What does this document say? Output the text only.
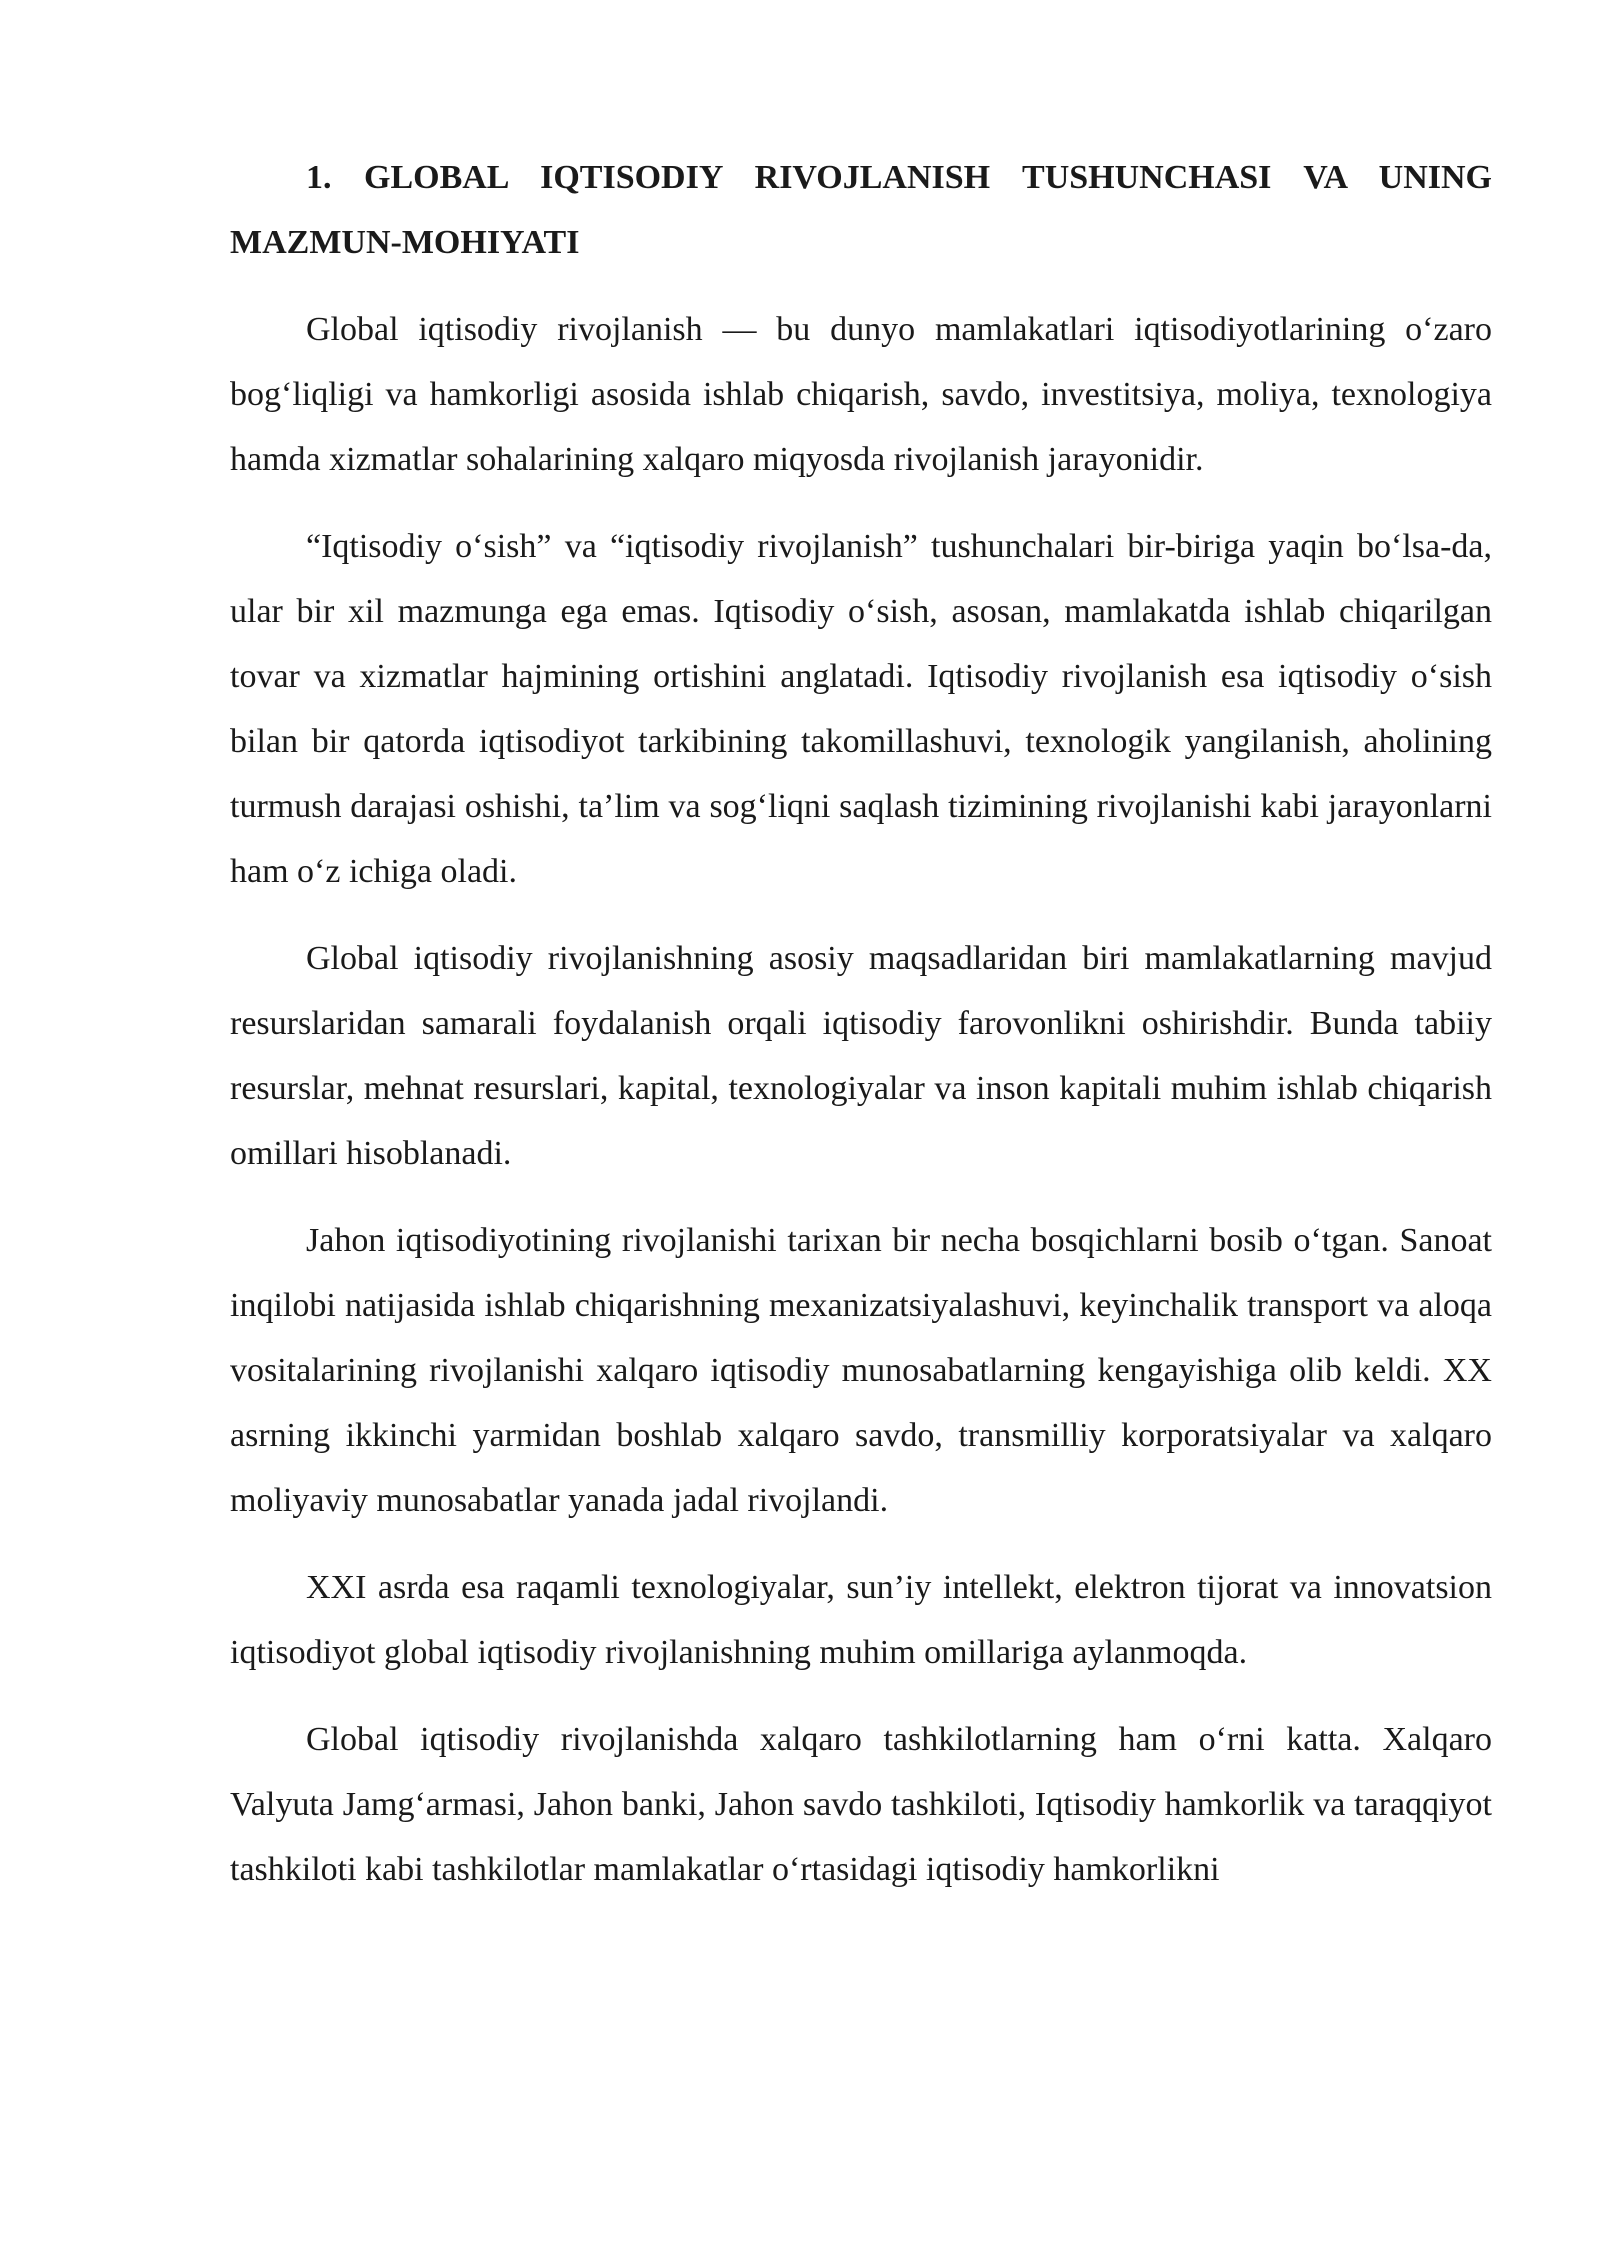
1. GLOBAL IQTISODIY RIVOJLANISH TUSHUNCHASI VA UNING MAZMUN-MOHIYATI

Global iqtisodiy rivojlanish — bu dunyo mamlakatlari iqtisodiyotlarining o‘zaro bog‘liqligi va hamkorligi asosida ishlab chiqarish, savdo, investitsiya, moliya, texnologiya hamda xizmatlar sohalarining xalqaro miqyosda rivojlanish jarayonidir.

“Iqtisodiy o‘sish” va “iqtisodiy rivojlanish” tushunchalari bir-biriga yaqin bo‘lsa-da, ular bir xil mazmunga ega emas. Iqtisodiy o‘sish, asosan, mamlakatda ishlab chiqarilgan tovar va xizmatlar hajmining ortishini anglatadi. Iqtisodiy rivojlanish esa iqtisodiy o‘sish bilan bir qatorda iqtisodiyot tarkibining takomillashuvi, texnologik yangilanish, aholining turmush darajasi oshishi, ta’lim va sog‘liqni saqlash tizimining rivojlanishi kabi jarayonlarni ham o‘z ichiga oladi.

Global iqtisodiy rivojlanishning asosiy maqsadlaridan biri mamlakatlarning mavjud resurslaridan samarali foydalanish orqali iqtisodiy farovonlikni oshirishdir. Bunda tabiiy resurslar, mehnat resurslari, kapital, texnologiyalar va inson kapitali muhim ishlab chiqarish omillari hisoblanadi.

Jahon iqtisodiyotining rivojlanishi tarixan bir necha bosqichlarni bosib o‘tgan. Sanoat inqilobi natijasida ishlab chiqarishning mexanizatsiyalashuvi, keyinchalik transport va aloqa vositalarining rivojlanishi xalqaro iqtisodiy munosabatlarning kengayishiga olib keldi. XX asrning ikkinchi yarmidan boshlab xalqaro savdo, transmilliy korporatsiyalar va xalqaro moliyaviy munosabatlar yanada jadal rivojlandi.

XXI asrda esa raqamli texnologiyalar, sun’iy intellekt, elektron tijorat va innovatsion iqtisodiyot global iqtisodiy rivojlanishning muhim omillariga aylanmoqda.

Global iqtisodiy rivojlanishda xalqaro tashkilotlarning ham o‘rni katta. Xalqaro Valyuta Jamg‘armasi, Jahon banki, Jahon savdo tashkiloti, Iqtisodiy hamkorlik va taraqqiyot tashkiloti kabi tashkilotlar mamlakatlar o‘rtasidagi iqtisodiy hamkorlikni
